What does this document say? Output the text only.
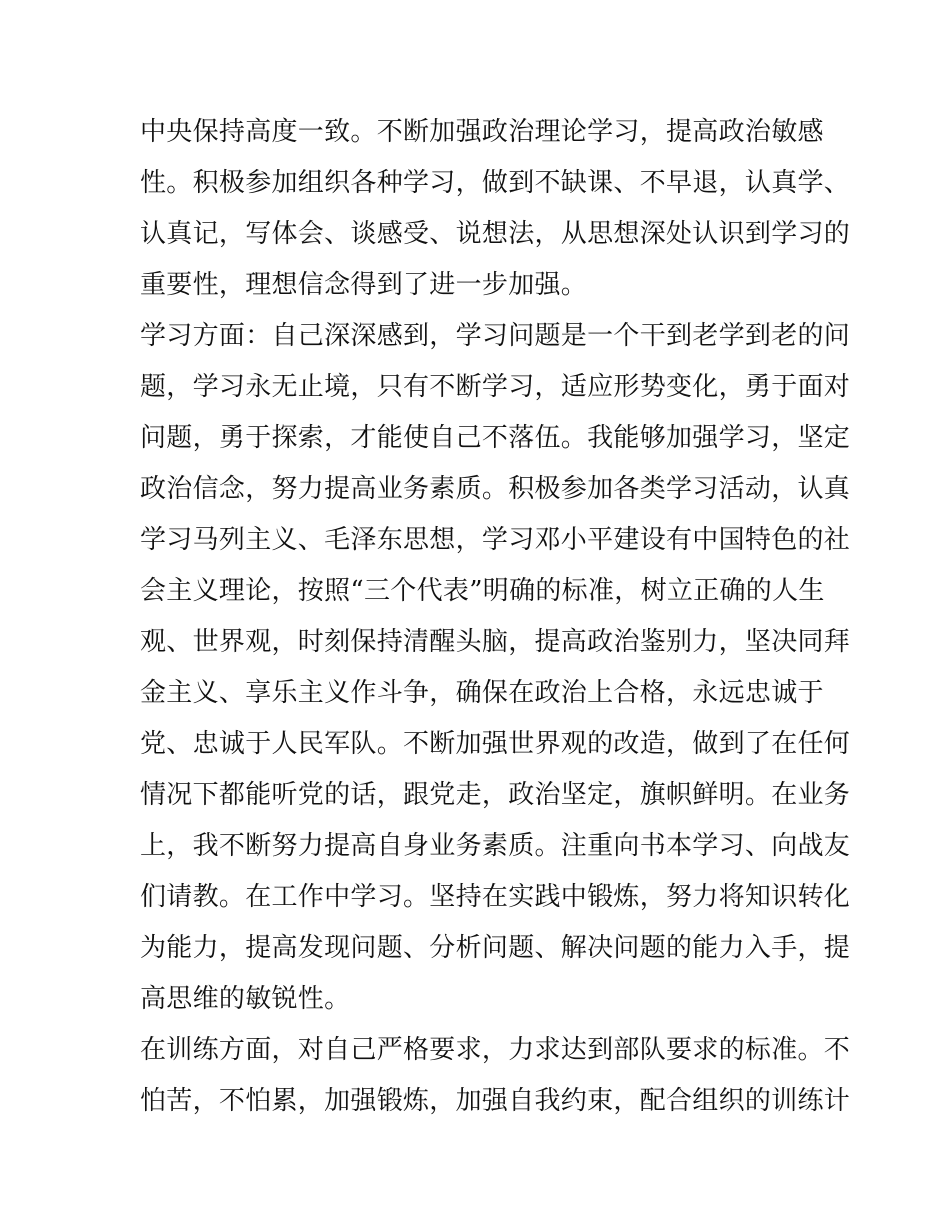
中央保持高度一致。不断加强政治理论学习，提高政治敏感
性。积极参加组织各种学习，做到不缺课、不早退，认真学、
认真记，写体会、谈感受、说想法，从思想深处认识到学习的
重要性，理想信念得到了进一步加强。
学习方面：自己深深感到，学习问题是一个干到老学到老的问
题，学习永无止境，只有不断学习，适应形势变化，勇于面对
问题，勇于探索，才能使自己不落伍。我能够加强学习，坚定
政治信念，努力提高业务素质。积极参加各类学习活动，认真
学习马列主义、毛泽东思想，学习邓小平建设有中国特色的社
会主义理论，按照“三个代表”明确的标准，树立正确的人生
观、世界观，时刻保持清醒头脑，提高政治鉴别力，坚决同拜
金主义、享乐主义作斗争，确保在政治上合格，永远忠诚于
党、忠诚于人民军队。不断加强世界观的改造，做到了在任何
情况下都能听党的话，跟党走，政治坚定，旗帜鲜明。在业务
上，我不断努力提高自身业务素质。注重向书本学习、向战友
们请教。在工作中学习。坚持在实践中锻炼，努力将知识转化
为能力，提高发现问题、分析问题、解决问题的能力入手，提
高思维的敏锐性。
在训练方面，对自己严格要求，力求达到部队要求的标准。不
怕苦，不怕累，加强锻炼，加强自我约束，配合组织的训练计
